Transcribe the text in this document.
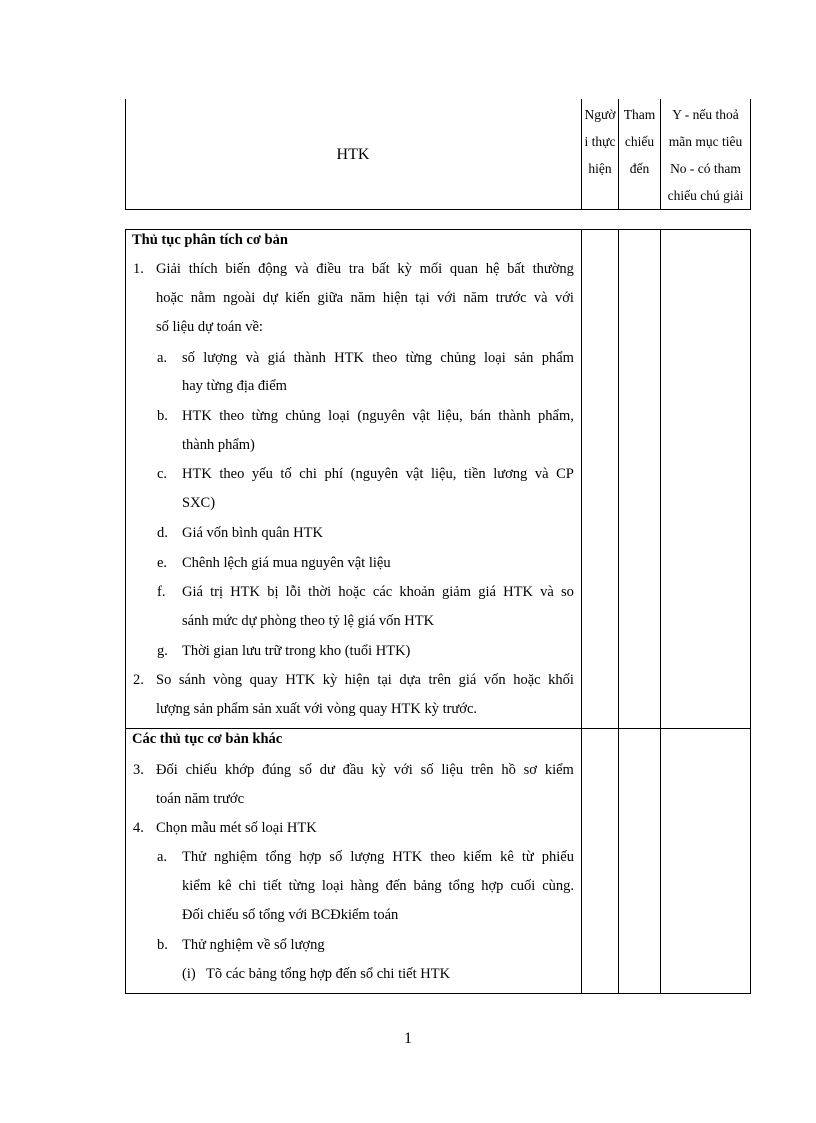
HTK
Ngườ
i thực
hiện
Tham
chiếu
đến
Y - nếu thoả
mãn mục tiêu
No - có tham
chiếu chú giải
Thủ tục phân tích cơ bản
1. Giải thích biến động và điều tra bất kỳ mối quan hệ bất thường
hoặc nằm ngoài dự kiến giữa năm hiện tại với năm trước và với
số liệu dự toán về:
a. số lượng và giá thành HTK theo từng chủng loại sản phẩm
hay từng địa điểm
b. HTK theo từng chủng loại (nguyên vật liệu, bán thành phẩm,
thành phẩm)
c. HTK theo yếu tố chi phí (nguyên vật liệu, tiền lương và CP
SXC)
d. Giá vốn bình quân HTK
e. Chênh lệch giá mua nguyên vật liệu
f. Giá trị HTK bị lỗi thời hoặc các khoản giảm giá HTK và so
sánh mức dự phòng theo tỷ lệ giá vốn HTK
g. Thời gian lưu trữ trong kho (tuổi HTK)
2. So sánh vòng quay HTK kỳ hiện tại dựa trên giá vốn hoặc khối
lượng sản phẩm sản xuất với vòng quay HTK kỳ trước.
Các thủ tục cơ bản khác
3. Đối chiếu khớp đúng số dư đầu kỳ với số liệu trên hồ sơ kiểm
toán năm trước
4. Chọn mẫu mét số loại HTK
a. Thử nghiệm tổng hợp số lượng HTK theo kiểm kê từ phiếu
kiểm kê chi tiết từng loại hàng đến bảng tổng hợp cuối cùng.
Đối chiếu số tổng với BCĐkiểm toán
b. Thử nghiệm về số lượng
(i) Tõ các bảng tổng hợp đến sổ chi tiết HTK
1
